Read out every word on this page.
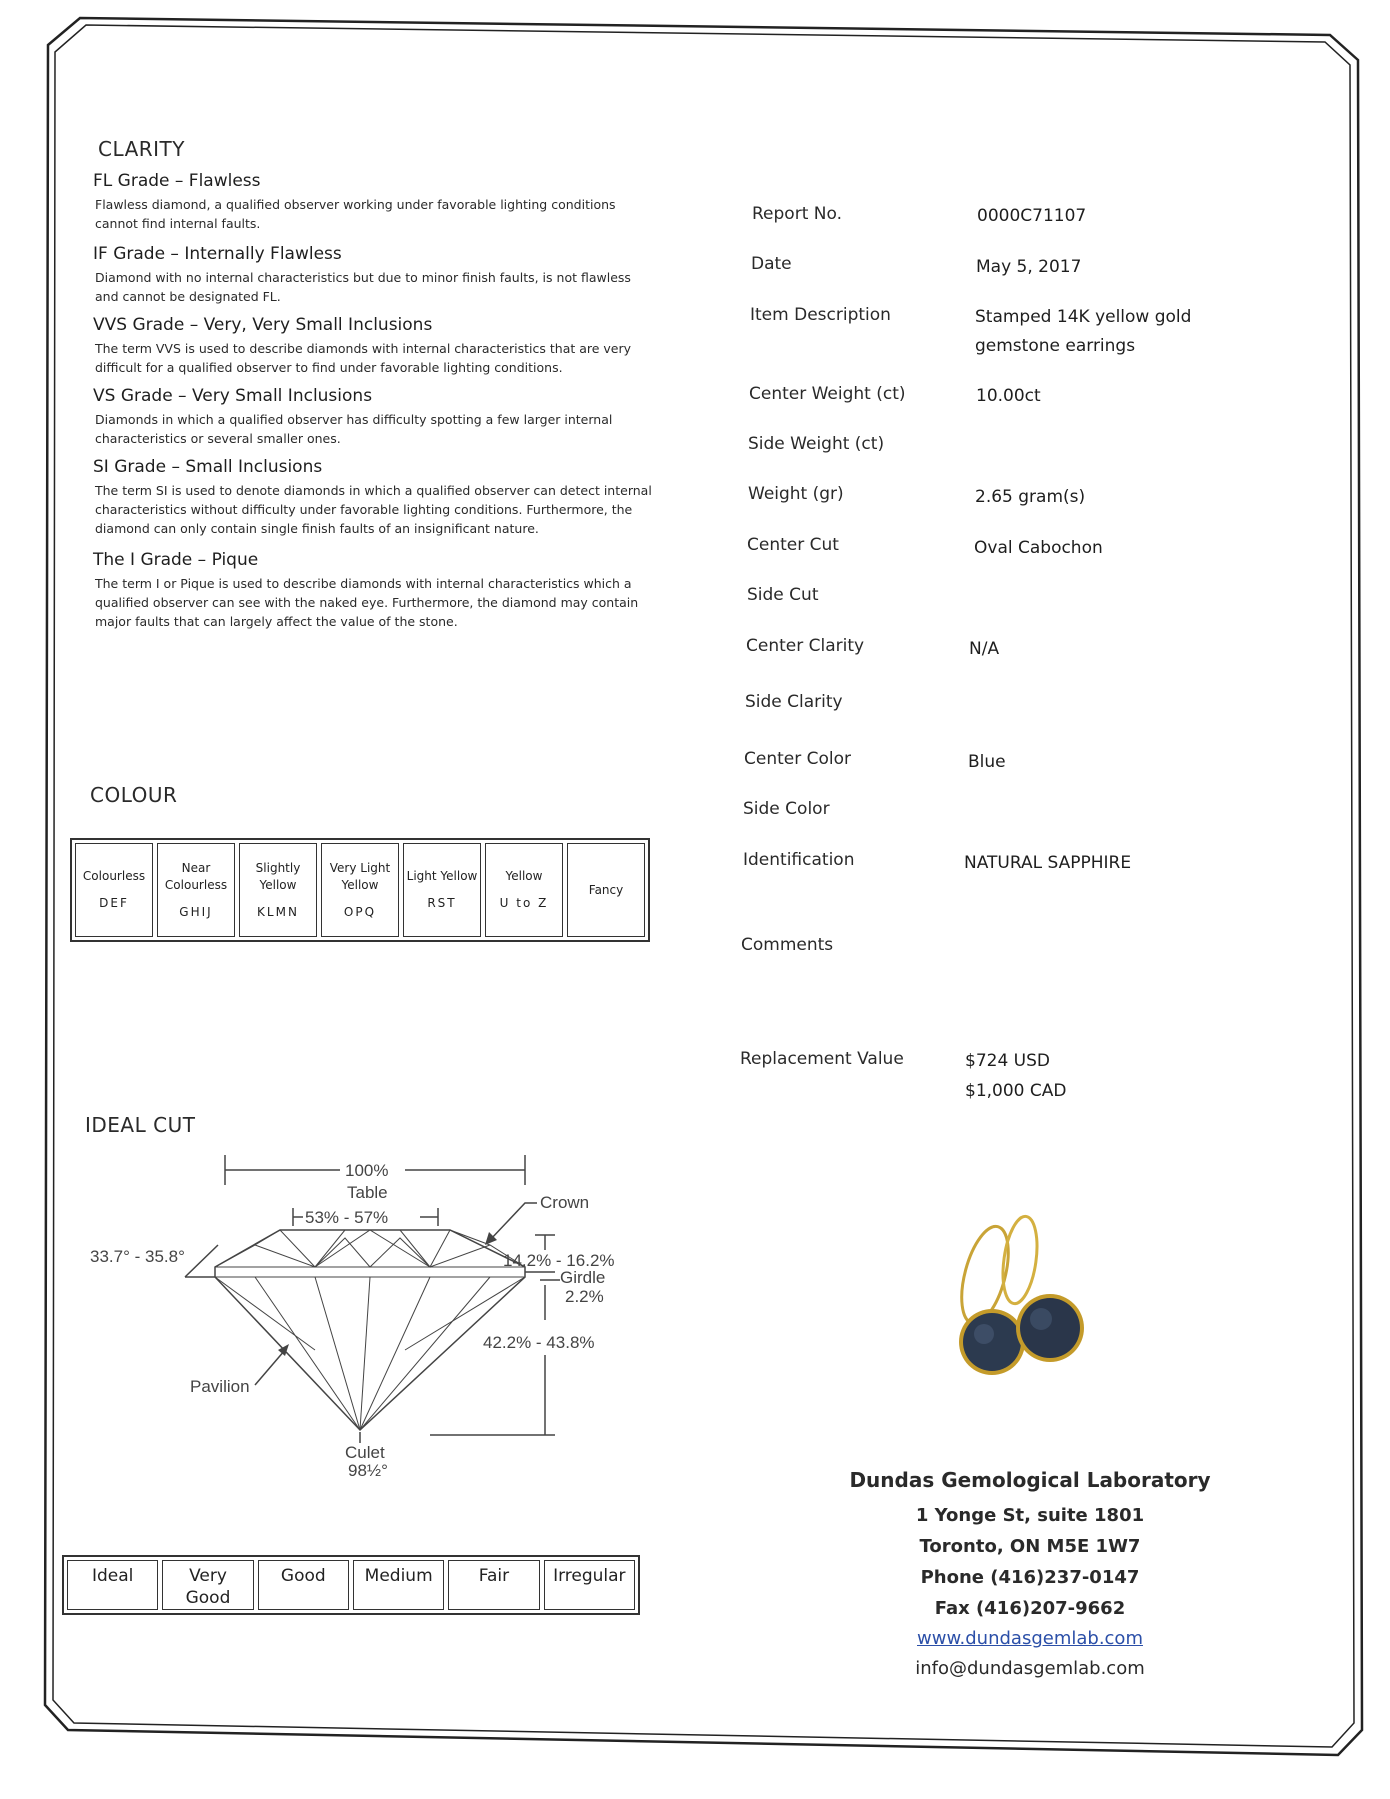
CLARITY
FL Grade – Flawless

Flawless diamond, a qualified observer working under favorable lighting conditions cannot find internal faults.

IF Grade – Internally Flawless

Diamond with no internal characteristics but due to minor finish faults, is not flawless and cannot be designated FL.

VVS Grade – Very, Very Small Inclusions

The term VVS is used to describe diamonds with internal characteristics that are very difficult for a qualified observer to find under favorable lighting conditions.

VS Grade – Very Small Inclusions

Diamonds in which a qualified observer has difficulty spotting a few larger internal characteristics or several smaller ones.

SI Grade – Small Inclusions

The term SI is used to denote diamonds in which a qualified observer can detect internal characteristics without difficulty under favorable lighting conditions. Furthermore, the diamond can only contain single finish faults of an insignificant nature.

The I Grade – Pique

The term I or Pique is used to describe diamonds with internal characteristics which a qualified observer can see with the naked eye. Furthermore, the diamond may contain major faults that can largely affect the value of the stone.

COLOUR
Colourless
DEF
Near Colourless
GHIJ
Slightly Yellow
KLMN
Very Light Yellow
OPQ
Light Yellow
RST
Yellow
U to Z
Fancy
IDEAL CUT
100%
Table
53% - 57%
Crown
33.7° - 35.8°	14.2% - 16.2%
Girdle
2.2%
42.2% - 43.8%
Pavilion
Culet
98½°
Ideal	Very
Good
Good	Medium	Fair	Irregular
Report No.	0000C71107
Date	May 5, 2017
Item Description	Stamped 14K yellow gold
gemstone earrings
Center Weight (ct)	10.00ct
Side Weight (ct)
Weight (gr)	2.65 gram(s)
Center Cut	Oval Cabochon
Side Cut
Center Clarity	N/A
Side Clarity
Center Color	Blue
Side Color
Identification	NATURAL SAPPHIRE
Comments
Replacement Value	$724 USD
$1,000 CAD
Dundas Gemological Laboratory
1 Yonge St, suite 1801
Toronto, ON M5E 1W7
Phone (416)237-0147
Fax (416)207-9662
www.dundasgemlab.com
info@dundasgemlab.com
